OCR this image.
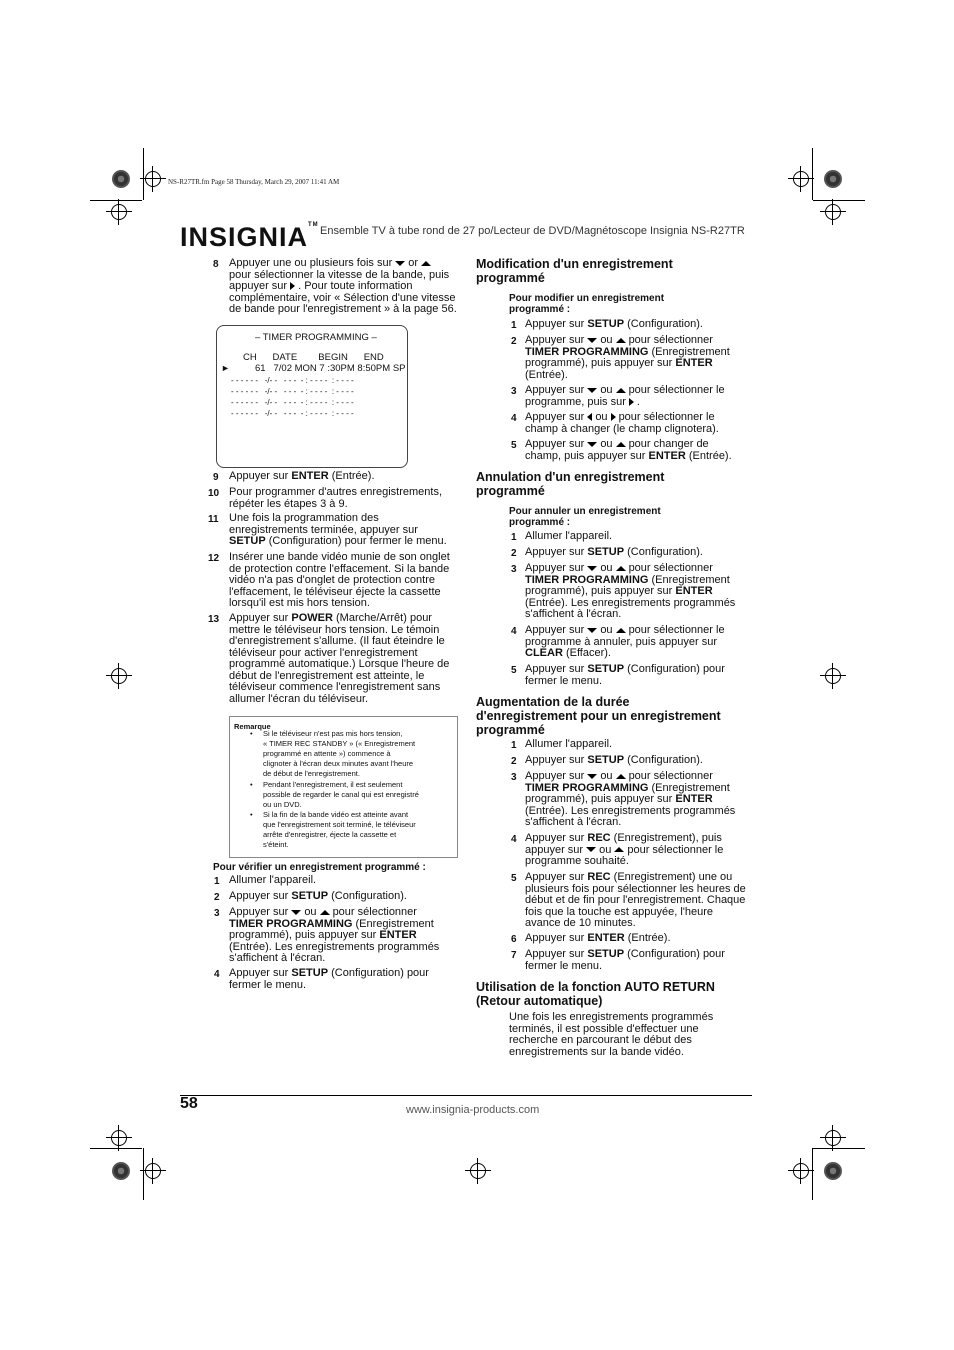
NS-R27TR.fm Page 58 Thursday, March 29, 2007 11:41 AM
INSIGNIA™ Ensemble TV à tube rond de 27 po/Lecteur de DVD/Magnétoscope Insignia NS-R27TR
8 Appuyer une ou plusieurs fois sur or
pour sélectionner la vitesse de la bande, puis
appuyer sur . Pour toute information
complémentaire, voir « Sélection d'une vitesse
de bande pour l'enregistrement » à la page 56.
– TIMER PROGRAMMING –
CH      DATE        BEGIN      END
►	61   7/02 MON 7 :30PM 8:50PM SP
- - - - - -   -/- -   - - -  - : - - - -  : - - - -
- - - - - -   -/- -   - - -  - : - - - -  : - - - -
- - - - - -   -/- -   - - -  - : - - - -  : - - - -
- - - - - -   -/- -   - - -  - : - - - -  : - - - -
9 Appuyer sur ENTER (Entrée).
10 Pour programmer d'autres enregistrements,
répéter les étapes 3 à 9.
11 Une fois la programmation des
enregistrements terminée, appuyer sur
SETUP (Configuration) pour fermer le menu.
12 Insérer une bande vidéo munie de son onglet
de protection contre l'effacement. Si la bande
vidéo n'a pas d'onglet de protection contre
l'effacement, le téléviseur éjecte la cassette
lorsqu'il est mis hors tension.
13 Appuyer sur POWER (Marche/Arrêt) pour
mettre le téléviseur hors tension. Le témoin
d'enregistrement s'allume. (Il faut éteindre le
téléviseur pour activer l'enregistrement
programmé automatique.) Lorsque l'heure de
début de l'enregistrement est atteinte, le
téléviseur commence l'enregistrement sans
allumer l'écran du téléviseur.
Remarque
• Si le téléviseur n'est pas mis hors tension,
« TIMER REC STANDBY » (« Enregistrement
programmé en attente ») commence à
clignoter à l'écran deux minutes avant l'heure
de début de l'enregistrement.
• Pendant l'enregistrement, il est seulement
possible de regarder le canal qui est enregistré
ou un DVD.
• Si la fin de la bande vidéo est atteinte avant
que l'enregistrement soit terminé, le téléviseur
arrête d'enregistrer, éjecte la cassette et
s'éteint.
Pour vérifier un enregistrement programmé :
1 Allumer l'appareil.
2 Appuyer sur SETUP (Configuration).
3 Appuyer sur ou pour sélectionner
TIMER PROGRAMMING (Enregistrement
programmé), puis appuyer sur ENTER
(Entrée). Les enregistrements programmés
s'affichent à l'écran.
4 Appuyer sur SETUP (Configuration) pour
fermer le menu.
Modification d'un enregistrement
programmé
Pour modifier un enregistrement
programmé :
1 Appuyer sur SETUP (Configuration).
2 Appuyer sur ou pour sélectionner
TIMER PROGRAMMING (Enregistrement
programmé), puis appuyer sur ENTER
(Entrée).
3 Appuyer sur ou pour sélectionner le
programme, puis sur .
4 Appuyer sur ou pour sélectionner le
champ à changer (le champ clignotera).
5 Appuyer sur ou pour changer de
champ, puis appuyer sur ENTER (Entrée).
Annulation d'un enregistrement
programmé
Pour annuler un enregistrement
programmé :
1 Allumer l'appareil.
2 Appuyer sur SETUP (Configuration).
3 Appuyer sur ou pour sélectionner
TIMER PROGRAMMING (Enregistrement
programmé), puis appuyer sur ENTER
(Entrée). Les enregistrements programmés
s'affichent à l'écran.
4 Appuyer sur ou pour sélectionner le
programme à annuler, puis appuyer sur
CLEAR (Effacer).
5 Appuyer sur SETUP (Configuration) pour
fermer le menu.
Augmentation de la durée
d'enregistrement pour un enregistrement
programmé
1 Allumer l'appareil.
2 Appuyer sur SETUP (Configuration).
3 Appuyer sur ou pour sélectionner
TIMER PROGRAMMING (Enregistrement
programmé), puis appuyer sur ENTER
(Entrée). Les enregistrements programmés
s'affichent à l'écran.
4 Appuyer sur REC (Enregistrement), puis
appuyer sur ou pour sélectionner le
programme souhaité.
5 Appuyer sur REC (Enregistrement) une ou
plusieurs fois pour sélectionner les heures de
début et de fin pour l'enregistrement. Chaque
fois que la touche est appuyée, l'heure
avance de 10 minutes.
6 Appuyer sur ENTER (Entrée).
7 Appuyer sur SETUP (Configuration) pour
fermer le menu.
Utilisation de la fonction AUTO RETURN
(Retour automatique)
Une fois les enregistrements programmés
terminés, il est possible d'effectuer une
recherche en parcourant le début des
enregistrements sur la bande vidéo.
58	www.insignia-products.com
